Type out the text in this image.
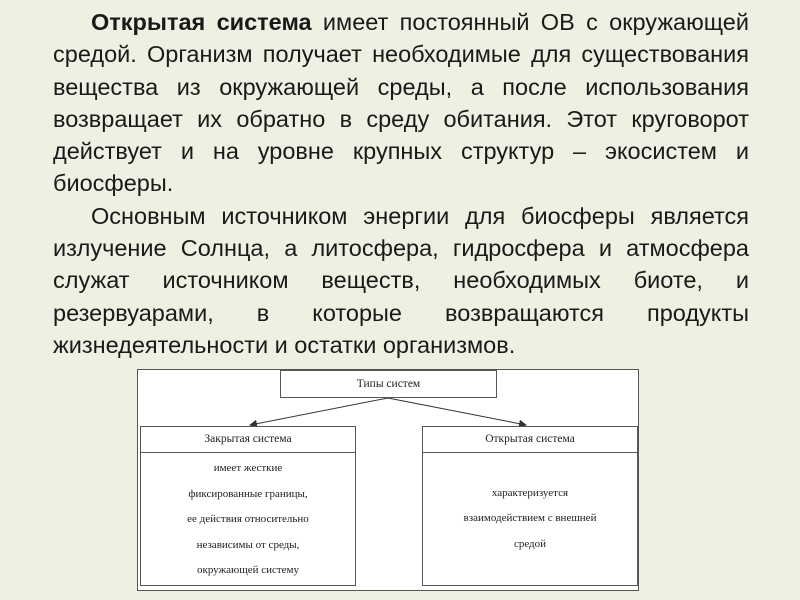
Открытая система имеет постоянный ОВ с окружающей средой. Организм получает необходимые для существования вещества из окружающей среды, а после использования возвращает их обратно в среду обитания. Этот круговорот действует и на уровне крупных структур – экосистем и биосферы.

Основным источником энергии для биосферы является излучение Солнца, а литосфера, гидросфера и атмосфера служат источником веществ, необходимых биоте, и резервуарами, в которые возвращаются продукты жизнедеятельности и остатки организмов.

Типы систем
Закрытая система
имеет жесткие
фиксированные границы,
ее действия относительно
независимы от среды,
окружающей систему
Открытая система
характеризуется
взаимодействием с внешней
средой
